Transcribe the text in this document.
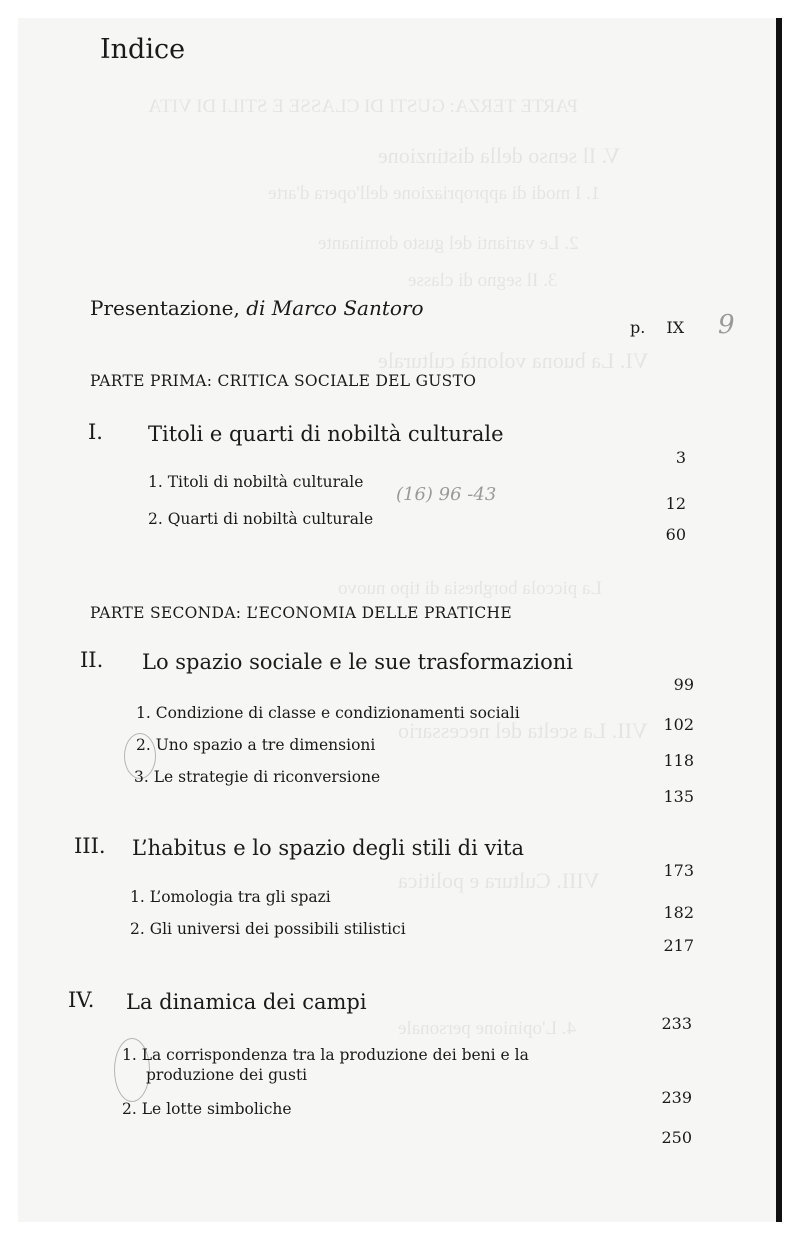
PARTE TERZA: GUSTI DI CLASSE E STILI DI VITA
V. Il senso della distinzione
1. I modi di appropriazione dell'opera d'arte
2. Le varianti del gusto dominante
3. Il segno di classe
VI. La buona volontà culturale
La piccola borghesia di tipo nuovo
VII. La scelta del necessario
VIII. Cultura e politica
4. L'opinione personale
9
(16) 96 -43
Indice
Presentazione, di Marco Santoro
p. IX
PARTE PRIMA: CRITICA SOCIALE DEL GUSTO
I. Titoli e quarti di nobiltà culturale
3
1. Titoli di nobiltà culturale
12
2. Quarti di nobiltà culturale
60
PARTE SECONDA: L’ECONOMIA DELLE PRATICHE
II. Lo spazio sociale e le sue trasformazioni
99
1. Condizione di classe e condizionamenti sociali
102
2. Uno spazio a tre dimensioni
118
3. Le strategie di riconversione
135
III. L’habitus e lo spazio degli stili di vita
173
1. L’omologia tra gli spazi
182
2. Gli universi dei possibili stilistici
217
IV. La dinamica dei campi
233
1. La corrispondenza tra la produzione dei beni e la
produzione dei gusti
239
2. Le lotte simboliche
250
